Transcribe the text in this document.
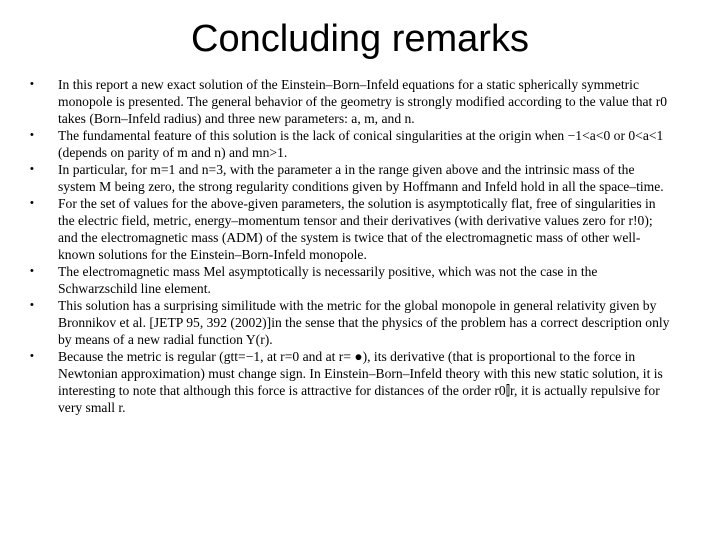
Concluding remarks
• In this report a new exact solution of the Einstein–Born–Infeld equations for a static spherically symmetric monopole is presented. The general behavior of the geometry is strongly modified according to the value that r0 takes (Born–Infeld radius) and three new parameters: a, m, and n.
• The fundamental feature of this solution is the lack of conical singularities at the origin when −1<a<0 or 0<a<1 (depends on parity of m and n) and mn>1.
• In particular, for m=1 and n=3, with the parameter a in the range given above and the intrinsic mass of the system M being zero, the strong regularity conditions given by Hoffmann and Infeld hold in all the space–time.
• For the set of values for the above-given parameters, the solution is asymptotically flat, free of singularities in the electric field, metric, energy–momentum tensor and their derivatives (with derivative values zero for r!0); and the electromagnetic mass (ADM) of the system is twice that of the electromagnetic mass of other well-known solutions for the Einstein–Born-Infeld monopole.
• The electromagnetic mass Mel asymptotically is necessarily positive, which was not the case in the Schwarzschild line element.
• This solution has a surprising similitude with the metric for the global monopole in general relativity given by Bronnikov et al. [JETP 95, 392 (2002)]in the sense that the physics of the problem has a correct description only by means of a new radial function Y(r).
• Because the metric is regular (gtt=−1, at r=0 and at r= ●), its derivative (that is proportional to the force in Newtonian approximation) must change sign. In Einstein–Born–Infeld theory with this new static solution, it is interesting to note that although this force is attractive for distances of the order r0⫿r, it is actually repulsive for very small r.
